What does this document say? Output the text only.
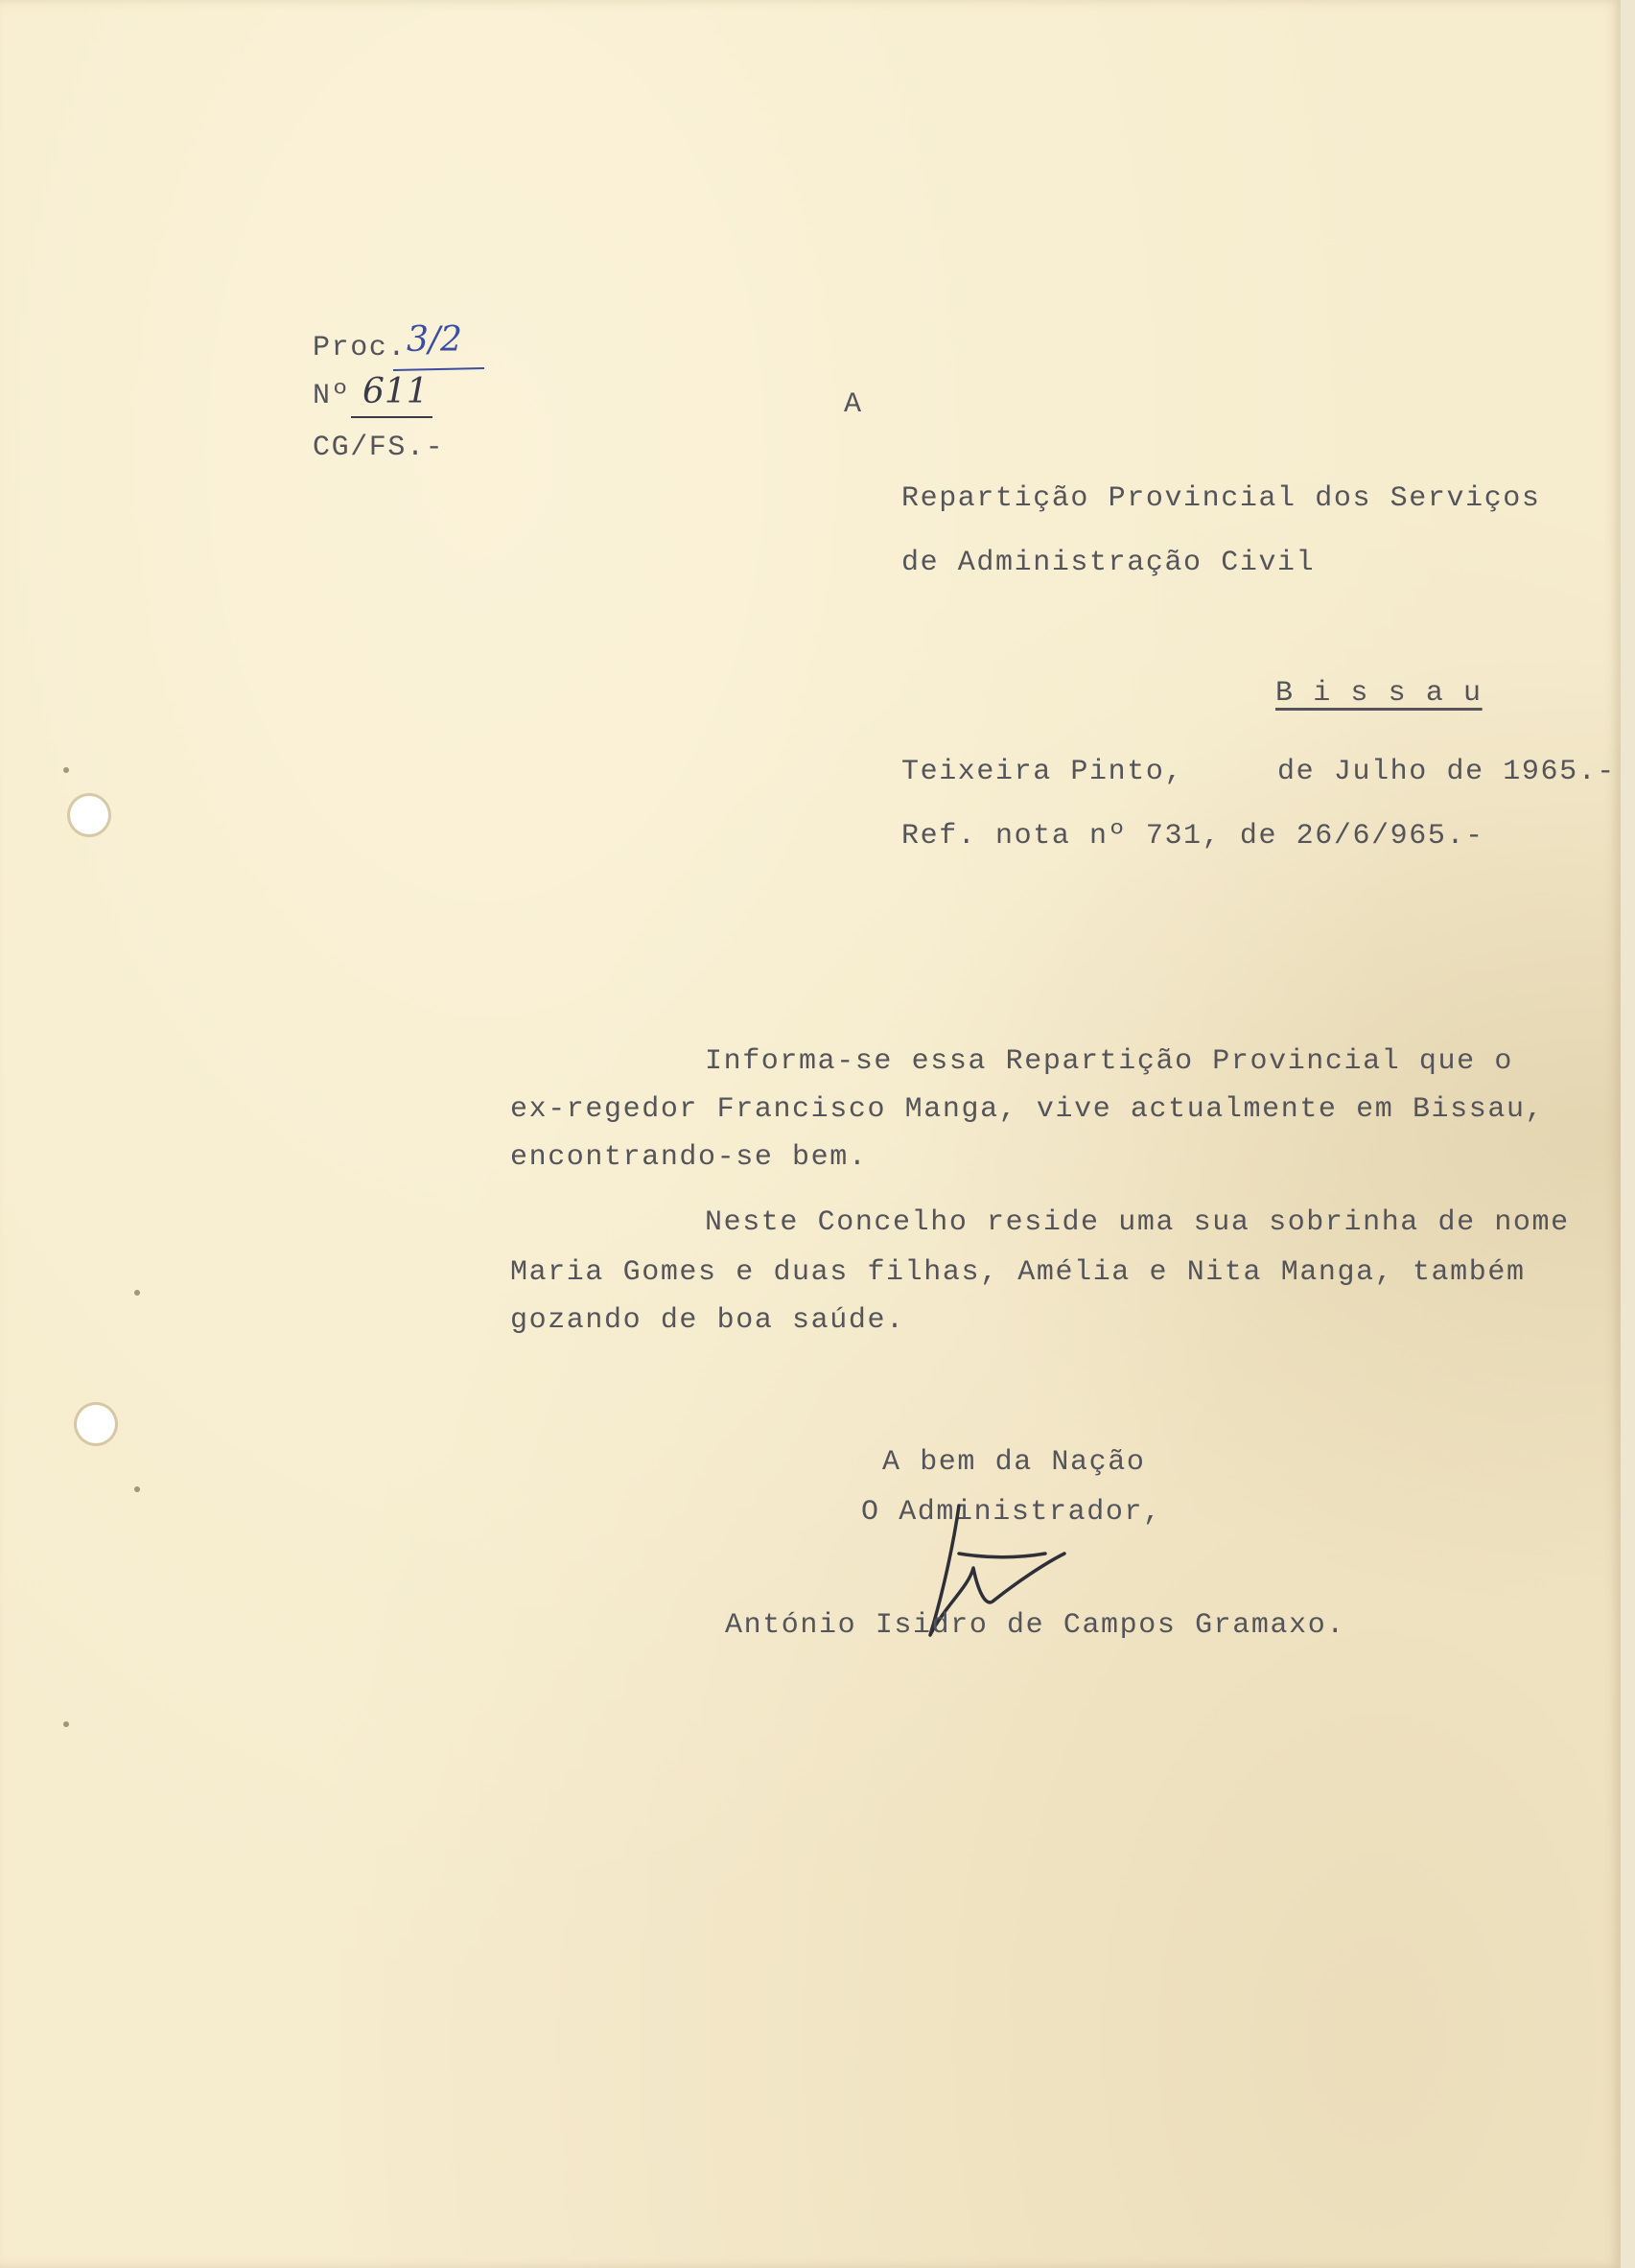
Proc. 3/2
Nº 611
CG/FS.-
A
Repartição Provincial dos Serviços
de Administração Civil
B i s s a u
Teixeira Pinto,     de Julho de 1965.-
Ref. nota nº 731, de 26/6/965.-
Informa-se essa Repartição Provincial que o
ex-regedor Francisco Manga, vive actualmente em Bissau,
encontrando-se bem.
Neste Concelho reside uma sua sobrinha de nome
Maria Gomes e duas filhas, Amélia e Nita Manga, também
gozando de boa saúde.
A bem da Nação
O Administrador,
António Isidro de Campos Gramaxo.
